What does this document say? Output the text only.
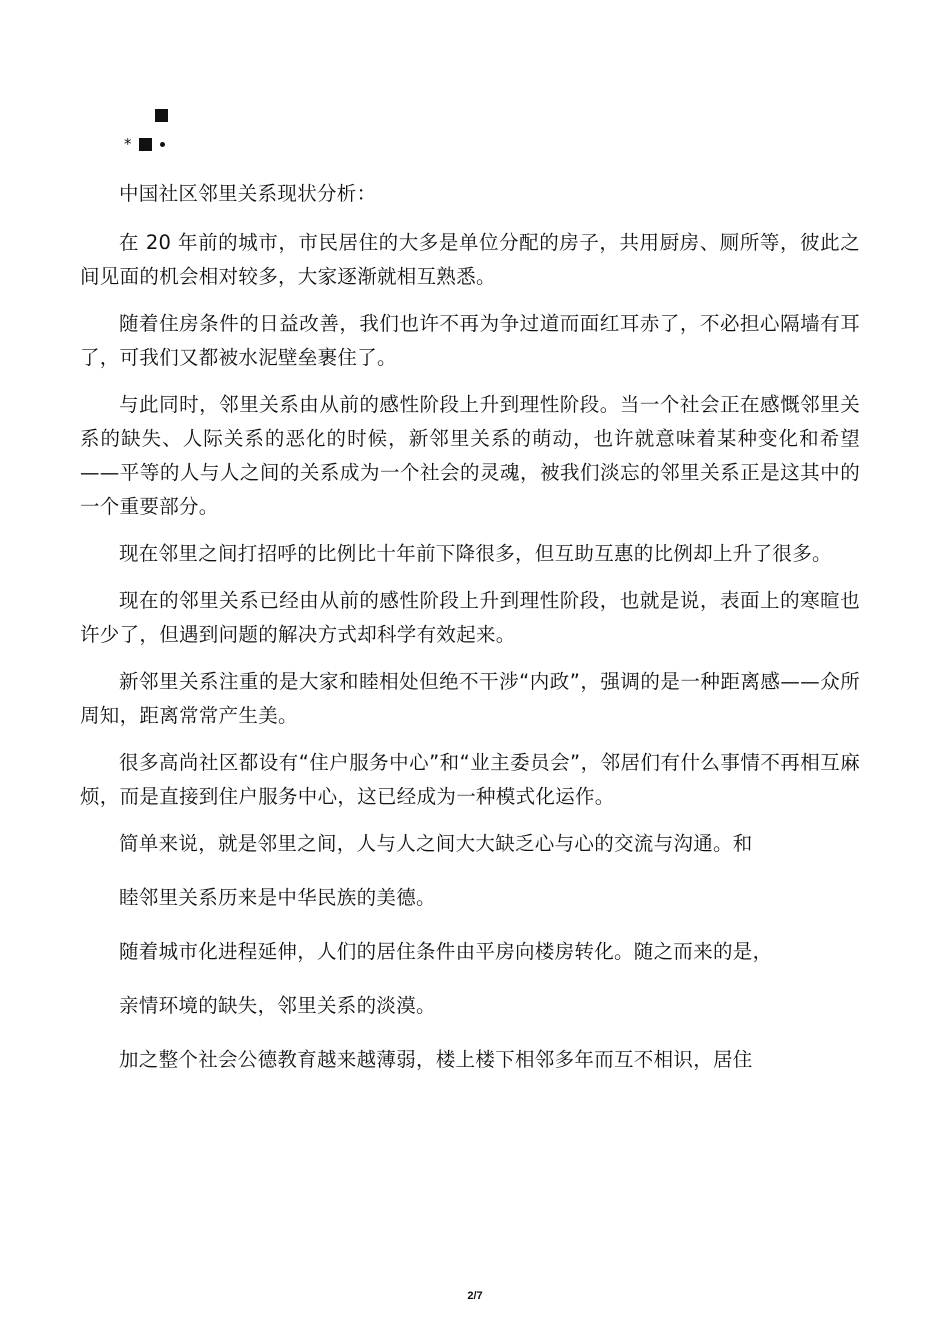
*

中国社区邻里关系现状分析：

在 20 年前的城市，市民居住的大多是单位分配的房子，共用厨房、厕所等，彼此之间见面的机会相对较多，大家逐渐就相互熟悉。

随着住房条件的日益改善，我们也许不再为争过道而面红耳赤了，不必担心隔墙有耳了，可我们又都被水泥壁垒裹住了。

与此同时，邻里关系由从前的感性阶段上升到理性阶段。当一个社会正在感慨邻里关系的缺失、人际关系的恶化的时候，新邻里关系的萌动，也许就意味着某种变化和希望——平等的人与人之间的关系成为一个社会的灵魂，被我们淡忘的邻里关系正是这其中的一个重要部分。

现在邻里之间打招呼的比例比十年前下降很多，但互助互惠的比例却上升了很多。

现在的邻里关系已经由从前的感性阶段上升到理性阶段，也就是说，表面上的寒暄也许少了，但遇到问题的解决方式却科学有效起来。

新邻里关系注重的是大家和睦相处但绝不干涉“内政”，强调的是一种距离感——众所周知，距离常常产生美。

很多高尚社区都设有“住户服务中心”和“业主委员会”，邻居们有什么事情不再相互麻烦，而是直接到住户服务中心，这已经成为一种模式化运作。

简单来说，就是邻里之间，人与人之间大大缺乏心与心的交流与沟通。和

睦邻里关系历来是中华民族的美德。

随着城市化进程延伸，人们的居住条件由平房向楼房转化。随之而来的是，

亲情环境的缺失，邻里关系的淡漠。

加之整个社会公德教育越来越薄弱，楼上楼下相邻多年而互不相识，居住

2/7
